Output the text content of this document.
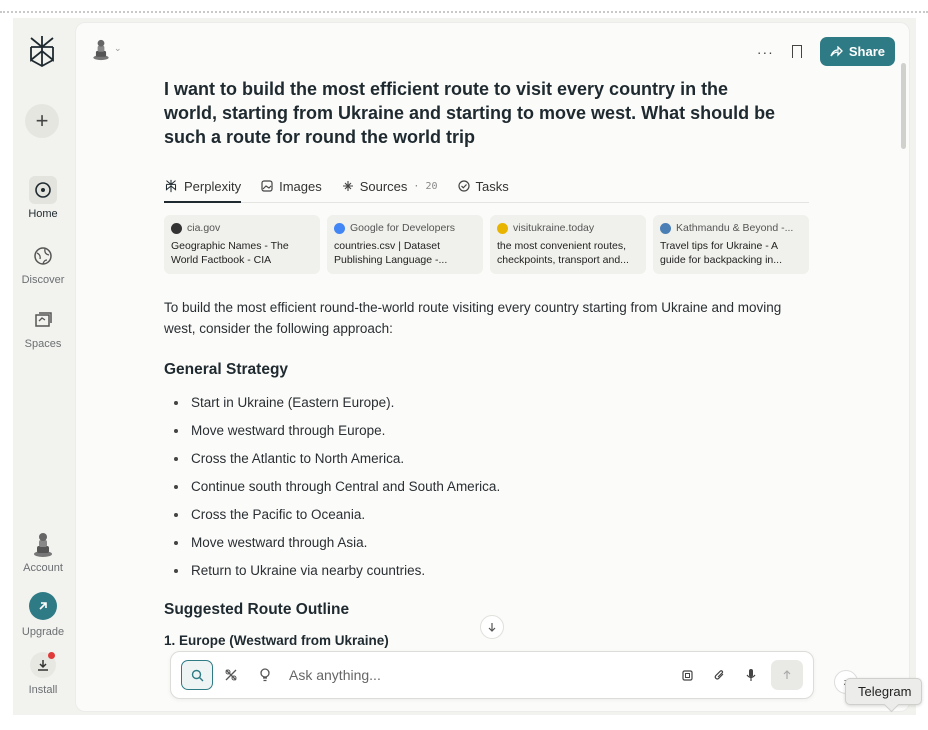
+
Home
Discover
Spaces
Account
Upgrade
Install
⌄	···	Share
I want to build the most efficient route to visit every country in the world, starting from Ukraine and starting to move west. What should be such a route for round the world trip
Perplexity	Images	Sources · 20	Tasks
cia.gov
Geographic Names - The World Factbook - CIA
Google for Developers
countries.csv | Dataset Publishing Language -...
visitukraine.today
the most convenient routes, checkpoints, transport and...
Kathmandu & Beyond -...
Travel tips for Ukraine - A guide for backpacking in...
To build the most efficient round-the-world route visiting every country starting from Ukraine and moving west, consider the following approach:
General Strategy
Start in Ukraine (Eastern Europe).
Move westward through Europe.
Cross the Atlantic to North America.
Continue south through Central and South America.
Cross the Pacific to Oceania.
Move westward through Asia.
Return to Ukraine via nearby countries.
Suggested Route Outline
1. Europe (Westward from Ukraine)
Ask anything...
Telegram
